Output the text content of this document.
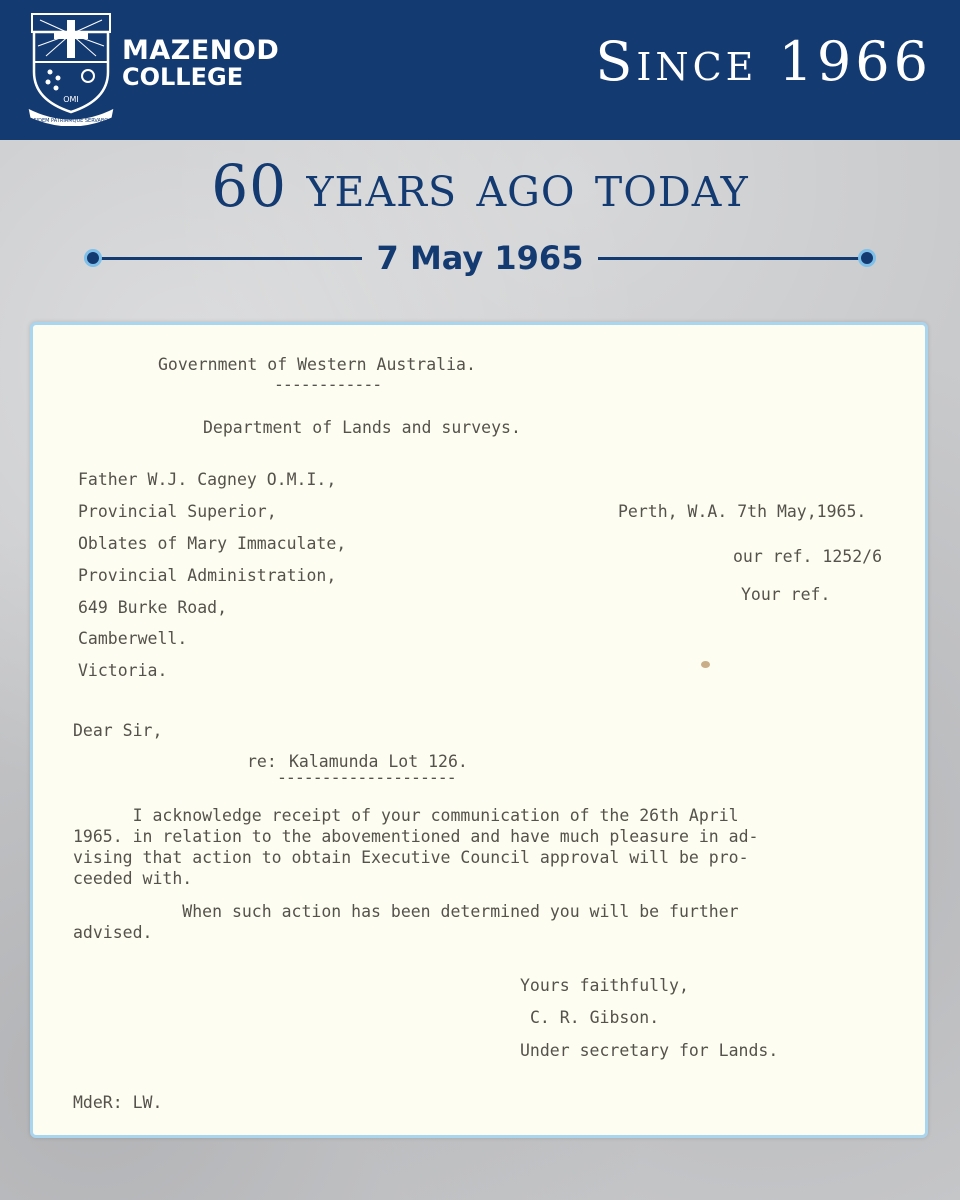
OMI
FIDEM PATRIAMQUE SERVABO
MAZENOD
COLLEGE	Since 1966
60 years ago today
7 May 1965
Government of Western Australia.
------------
Department of Lands and surveys.
Father W.J. Cagney O.M.I.,
Provincial Superior,
Oblates of Mary Immaculate,
Provincial Administration,
649 Burke Road,
Camberwell.
Victoria.
Perth, W.A. 7th May,1965.
our ref. 1252/6
Your ref.
Dear Sir,
re: Kalamunda Lot 126.
--------------------
I acknowledge receipt of your communication of the 26th April
1965. in relation to the abovementioned and have much pleasure in ad-
vising that action to obtain Executive Council approval will be pro-
ceeded with.
When such action has been determined you will be further
advised.
Yours faithfully,
C. R. Gibson.
Under secretary for Lands.
MdeR: LW.
